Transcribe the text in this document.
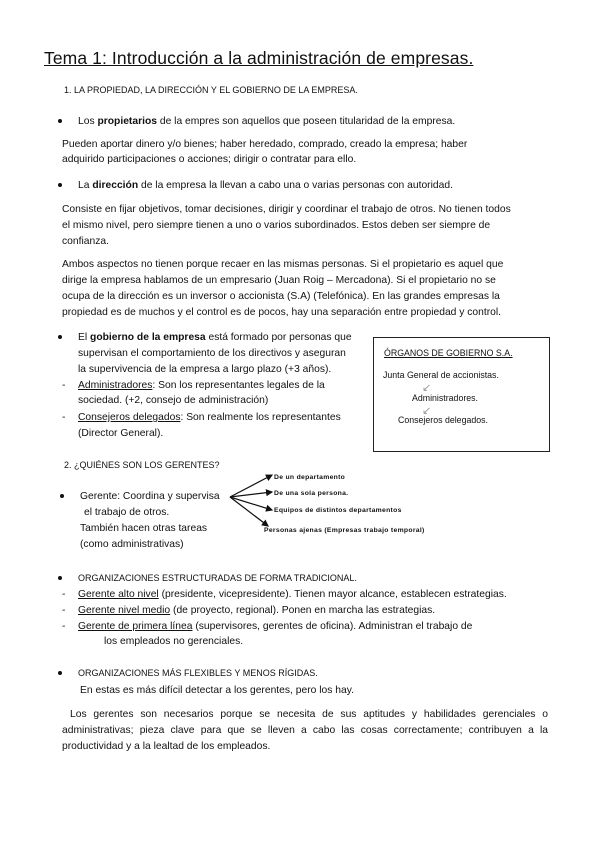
Tema 1: Introducción a la administración de empresas.
1. LA PROPIEDAD, LA DIRECCIÓN Y EL GOBIERNO DE LA EMPRESA.
Los propietarios de la empres son aquellos que poseen titularidad de la empresa.
Pueden aportar dinero y/o bienes; haber heredado, comprado, creado la empresa; haber
adquirido participaciones o acciones; dirigir o contratar para ello.
La dirección de la empresa la llevan a cabo una o varias personas con autoridad.
Consiste en fijar objetivos, tomar decisiones, dirigir y coordinar el trabajo de otros. No tienen todos
el mismo nivel, pero siempre tienen a uno o varios subordinados. Estos deben ser siempre de
confianza.
Ambos aspectos no tienen porque recaer en las mismas personas. Si el propietario es aquel que
dirige la empresa hablamos de un empresario (Juan Roig – Mercadona). Si el propietario no se
ocupa de la dirección es un inversor o accionista (S.A) (Telefónica). En las grandes empresas la
propiedad es de muchos y el control es de pocos, hay una separación entre propiedad y control.
El gobierno de la empresa está formado por personas que
supervisan el comportamiento de los directivos y aseguran
la supervivencia de la empresa a largo plazo (+3 años).
- Administradores: Son los representantes legales de la
sociedad. (+2, consejo de administración)
- Consejeros delegados: Son realmente los representantes
(Director General).
ÓRGANOS DE GOBIERNO S.A.
Junta General de accionistas.
↙
Administradores.
↙
Consejeros delegados.
2. ¿QUIÉNES SON LOS GERENTES?
Gerente: Coordina y supervisa
el trabajo de otros.
También hacen otras tareas
(como administrativas)
De un departamento
De una sola persona.
Equipos de distintos departamentos
Personas ajenas (Empresas trabajo temporal)
ORGANIZACIONES ESTRUCTURADAS DE FORMA TRADICIONAL.
- Gerente alto nivel (presidente, vicepresidente). Tienen mayor alcance, establecen estrategias.
- Gerente nivel medio (de proyecto, regional). Ponen en marcha las estrategias.
- Gerente de primera línea (supervisores, gerentes de oficina). Administran el trabajo de
los empleados no gerenciales.
ORGANIZACIONES MÁS FLEXIBLES Y MENOS RÍGIDAS.
En estas es más difícil detectar a los gerentes, pero los hay.
Los gerentes son necesarios porque se necesita de sus aptitudes y habilidades gerenciales o
administrativas; pieza clave para que se lleven a cabo las cosas correctamente; contribuyen a la
productividad y a la lealtad de los empleados.
